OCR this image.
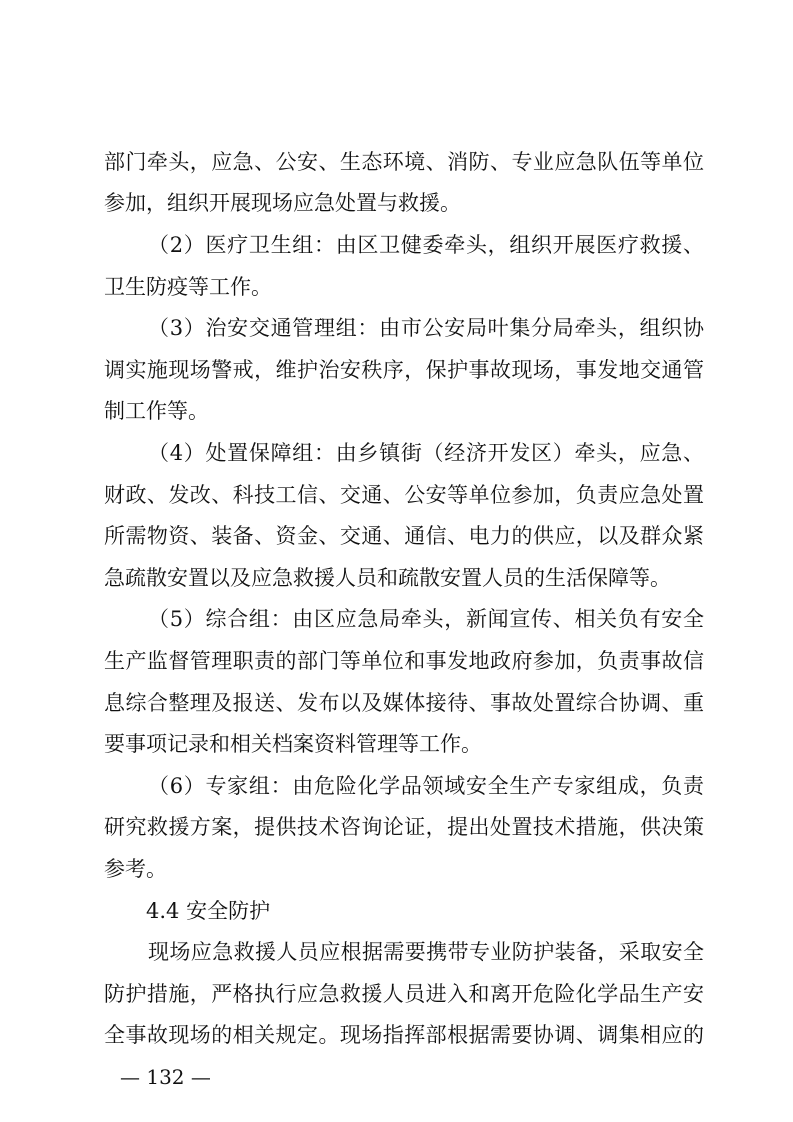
部门牵头，应急、公安、生态环境、消防、专业应急队伍等单位
参加，组织开展现场应急处置与救援。
（2）医疗卫生组：由区卫健委牵头，组织开展医疗救援、
卫生防疫等工作。
（3）治安交通管理组：由市公安局叶集分局牵头，组织协
调实施现场警戒，维护治安秩序，保护事故现场，事发地交通管
制工作等。
（4）处置保障组：由乡镇街（经济开发区）牵头，应急、
财政、发改、科技工信、交通、公安等单位参加，负责应急处置
所需物资、装备、资金、交通、通信、电力的供应，以及群众紧
急疏散安置以及应急救援人员和疏散安置人员的生活保障等。
（5）综合组：由区应急局牵头，新闻宣传、相关负有安全
生产监督管理职责的部门等单位和事发地政府参加，负责事故信
息综合整理及报送、发布以及媒体接待、事故处置综合协调、重
要事项记录和相关档案资料管理等工作。
（6）专家组：由危险化学品领域安全生产专家组成，负责
研究救援方案，提供技术咨询论证，提出处置技术措施，供决策
参考。
4.4 安全防护
现场应急救援人员应根据需要携带专业防护装备，采取安全
防护措施，严格执行应急救援人员进入和离开危险化学品生产安
全事故现场的相关规定。现场指挥部根据需要协调、调集相应的
— 132 —
